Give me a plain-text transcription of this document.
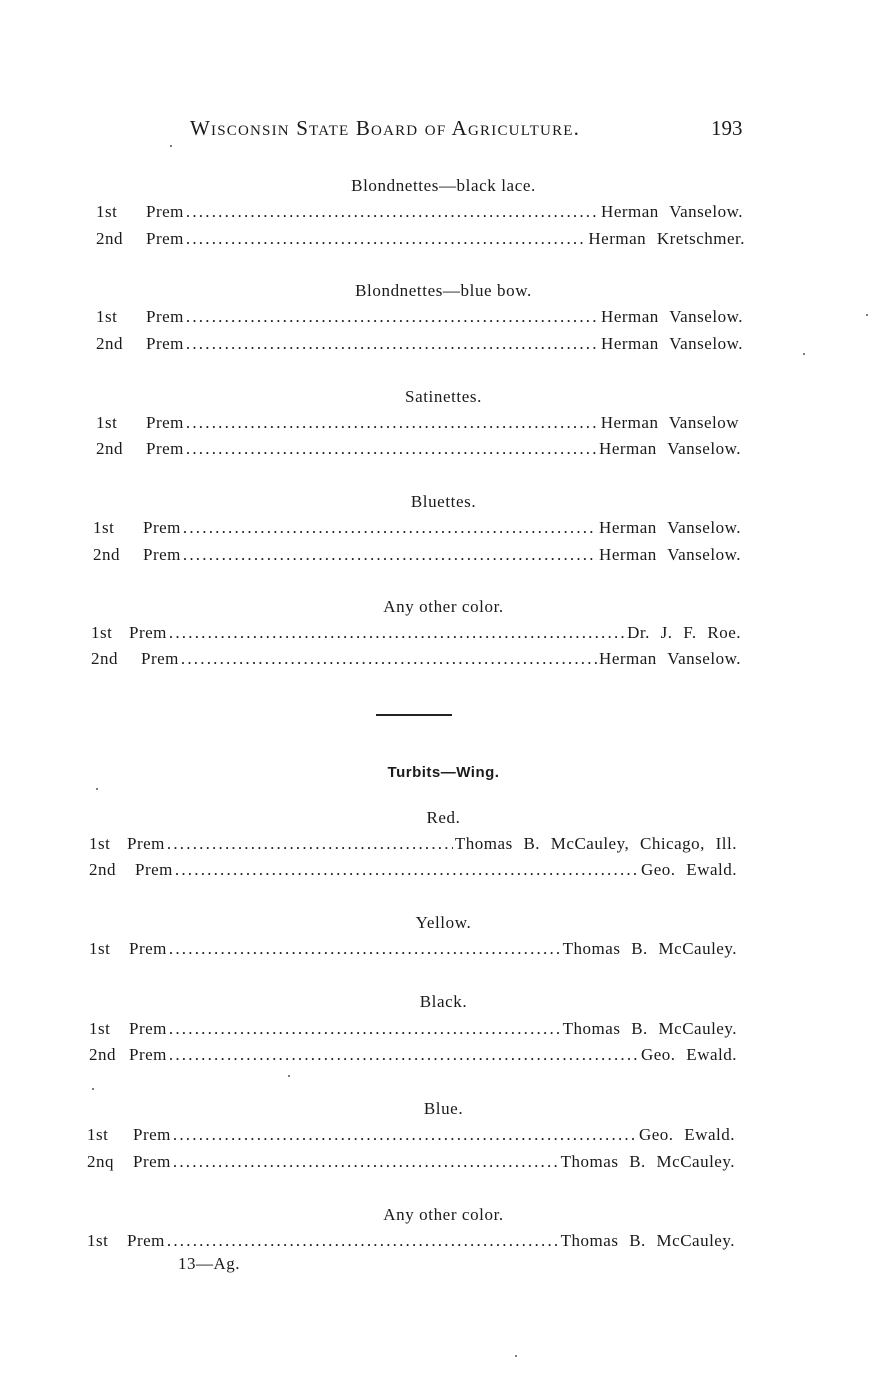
Wisconsin State Board of Agriculture.	193
Blondnettes—black lace.
1st	Prem .....	Herman Vanselow.
2nd	Prem .....	Herman Kretschmer.
Blondnettes—blue bow.
1st	Prem .....	Herman Vanselow.
2nd	Prem .....	Herman Vanselow.
Satinettes.
1st	Prem .....	Herman Vanselow
2nd	Prem .....	Herman Vanselow.
Bluettes.
1st	Prem .....	Herman Vanselow.
2nd	Prem .....	Herman Vanselow.
Any other color.
1st Prem .....	Dr. J. F. Roe.
2nd	Prem .....	Herman Vanselow.
Turbits—Wing.
Red.
1st Prem .....	Thomas B. McCauley, Chicago, Ill.
2nd	Prem .....	Geo. Ewald.
Yellow.
1st	Prem .....	Thomas B. McCauley.
Black.
1st	Prem .....	Thomas B. McCauley.
2nd Prem .....	Geo. Ewald.
Blue.
1st	Prem .....	Geo. Ewald.
2nq	Prem .....	Thomas B. McCauley.
Any other color.
1st	Prem .....	Thomas B. McCauley.
13—Ag.
